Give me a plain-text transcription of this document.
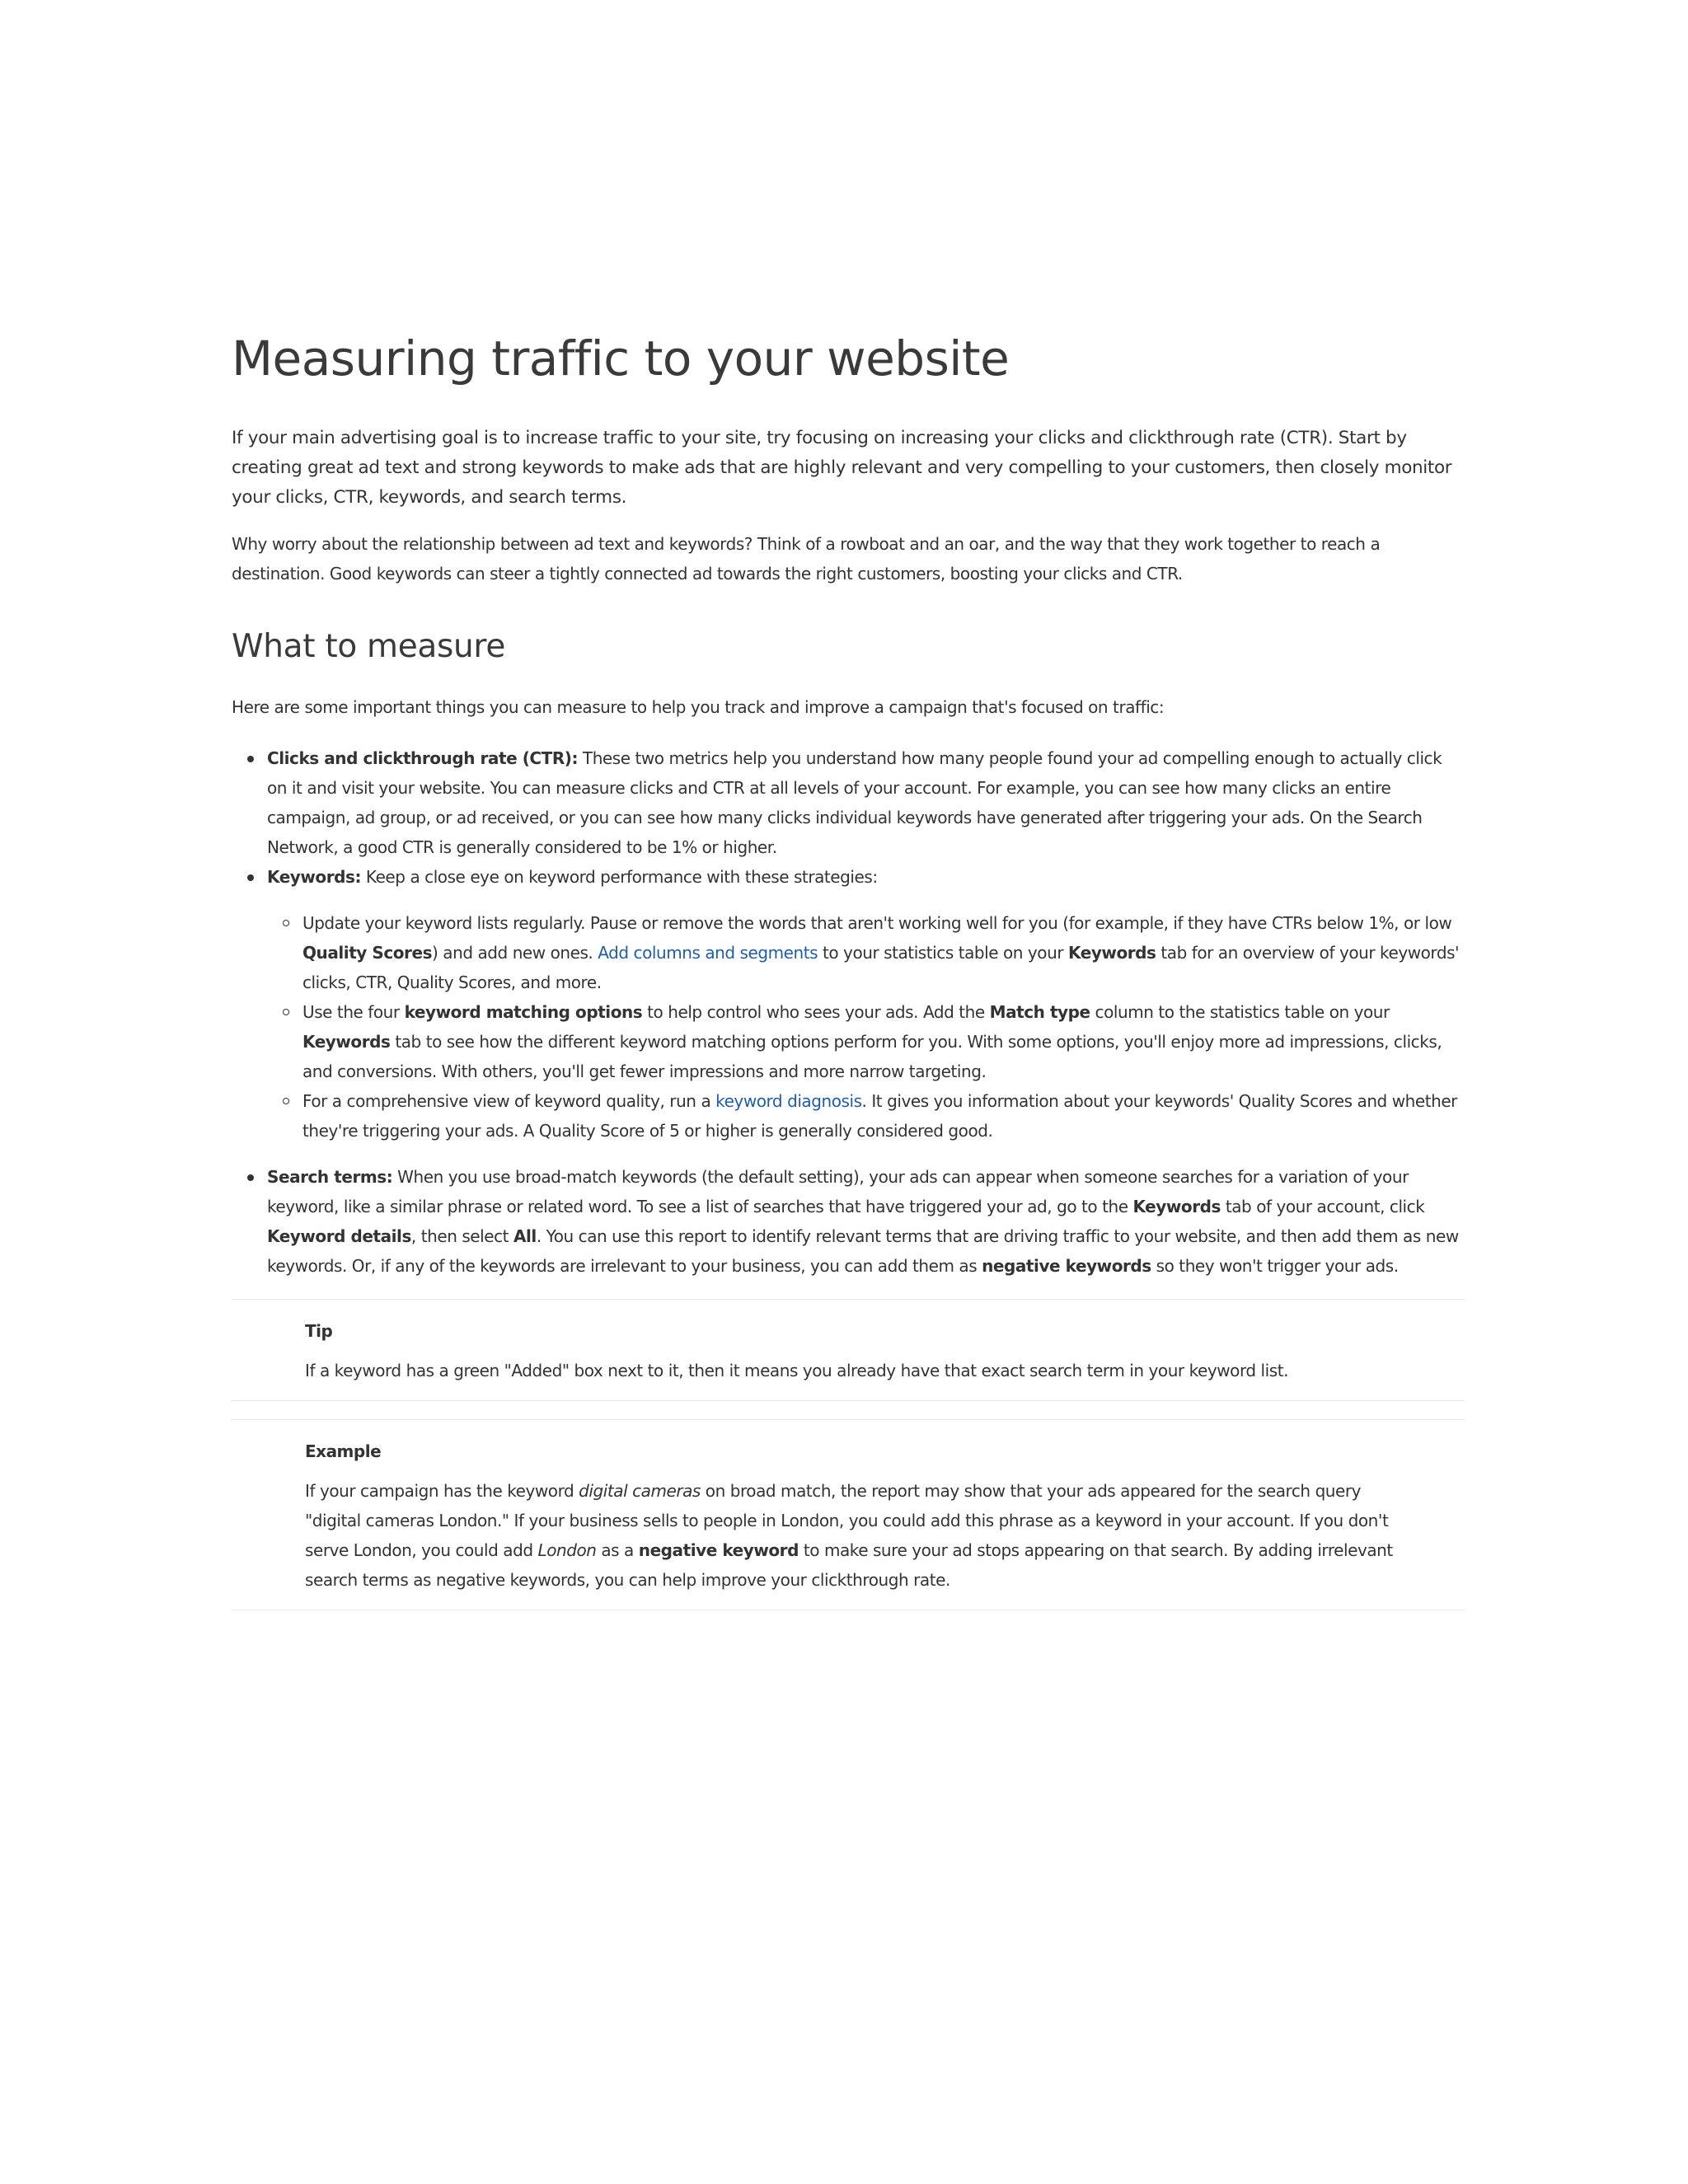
Measuring traffic to your website

If your main advertising goal is to increase traffic to your site, try focusing on increasing your clicks and clickthrough rate (CTR). Start by creating great ad text and strong keywords to make ads that are highly relevant and very compelling to your customers, then closely monitor your clicks, CTR, keywords, and search terms.

Why worry about the relationship between ad text and keywords? Think of a rowboat and an oar, and the way that they work together to reach a destination. Good keywords can steer a tightly connected ad towards the right customers, boosting your clicks and CTR.

What to measure

Here are some important things you can measure to help you track and improve a campaign that's focused on traffic:

Clicks and clickthrough rate (CTR): These two metrics help you understand how many people found your ad compelling enough to actually click on it and visit your website. You can measure clicks and CTR at all levels of your account. For example, you can see how many clicks an entire campaign, ad group, or ad received, or you can see how many clicks individual keywords have generated after triggering your ads. On the Search Network, a good CTR is generally considered to be 1% or higher.
Keywords: Keep a close eye on keyword performance with these strategies:
Update your keyword lists regularly. Pause or remove the words that aren't working well for you (for example, if they have CTRs below 1%, or low Quality Scores) and add new ones. Add columns and segments to your statistics table on your Keywords tab for an overview of your keywords' clicks, CTR, Quality Scores, and more.
Use the four keyword matching options to help control who sees your ads. Add the Match type column to the statistics table on your Keywords tab to see how the different keyword matching options perform for you. With some options, you'll enjoy more ad impressions, clicks, and conversions. With others, you'll get fewer impressions and more narrow targeting.
For a comprehensive view of keyword quality, run a keyword diagnosis. It gives you information about your keywords' Quality Scores and whether they're triggering your ads. A Quality Score of 5 or higher is generally considered good.
Search terms: When you use broad-match keywords (the default setting), your ads can appear when someone searches for a variation of your keyword, like a similar phrase or related word. To see a list of searches that have triggered your ad, go to the Keywords tab of your account, click Keyword details, then select All. You can use this report to identify relevant terms that are driving traffic to your website, and then add them as new keywords. Or, if any of the keywords are irrelevant to your business, you can add them as negative keywords so they won't trigger your ads.
Tip

If a keyword has a green "Added" box next to it, then it means you already have that exact search term in your keyword list.

Example

If your campaign has the keyword digital cameras on broad match, the report may show that your ads appeared for the search query "digital cameras London." If your business sells to people in London, you could add this phrase as a keyword in your account. If you don't serve London, you could add London as a negative keyword to make sure your ad stops appearing on that search. By adding irrelevant search terms as negative keywords, you can help improve your clickthrough rate.
